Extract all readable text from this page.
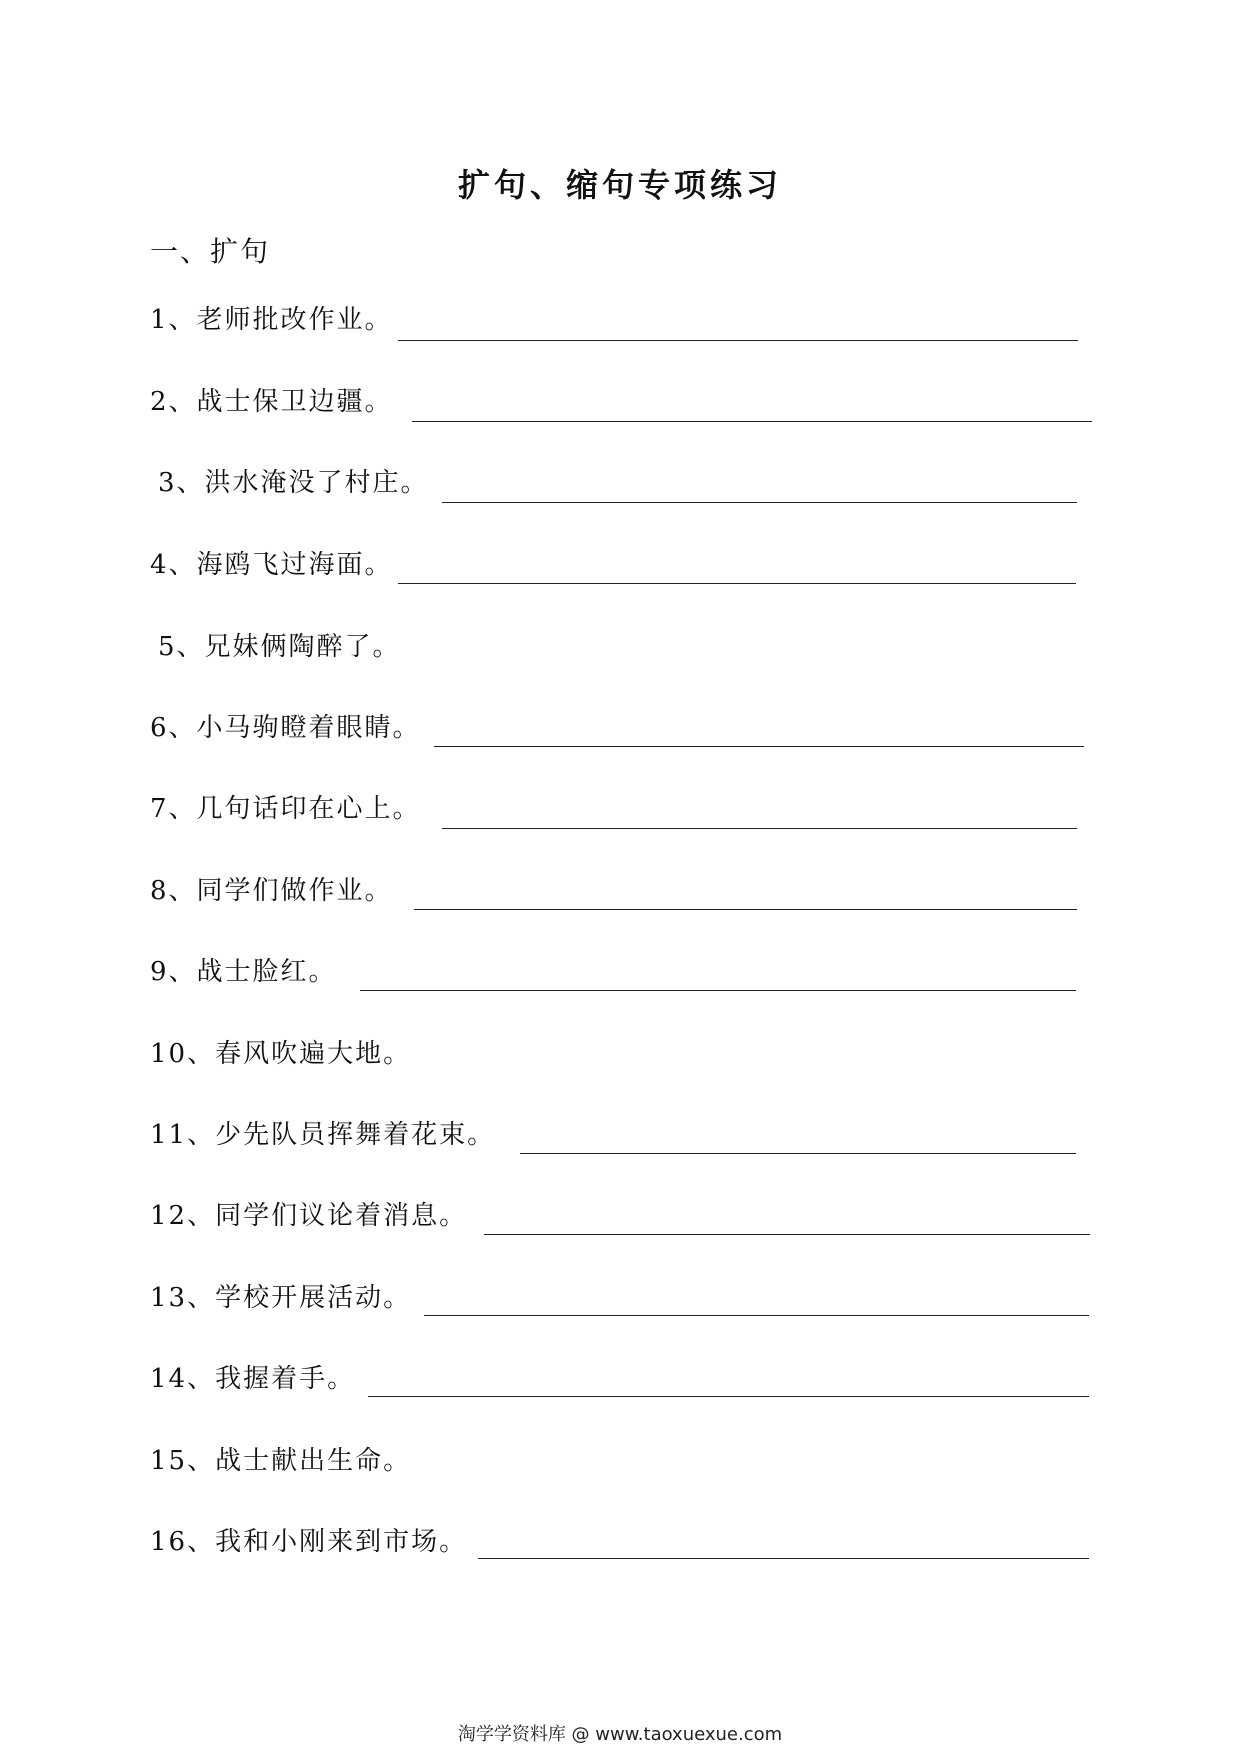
扩句、缩句专项练习
一、扩句
1、老师批改作业。
2、战士保卫边疆。
3、洪水淹没了村庄。
4、海鸥飞过海面。
5、兄妹俩陶醉了。
6、小马驹瞪着眼睛。
7、几句话印在心上。
8、同学们做作业。
9、战士脸红。
10、春风吹遍大地。
11、少先队员挥舞着花束。
12、同学们议论着消息。
13、学校开展活动。
14、我握着手。
15、战士献出生命。
16、我和小刚来到市场。
淘学学资料库 @ www.taoxuexue.com
